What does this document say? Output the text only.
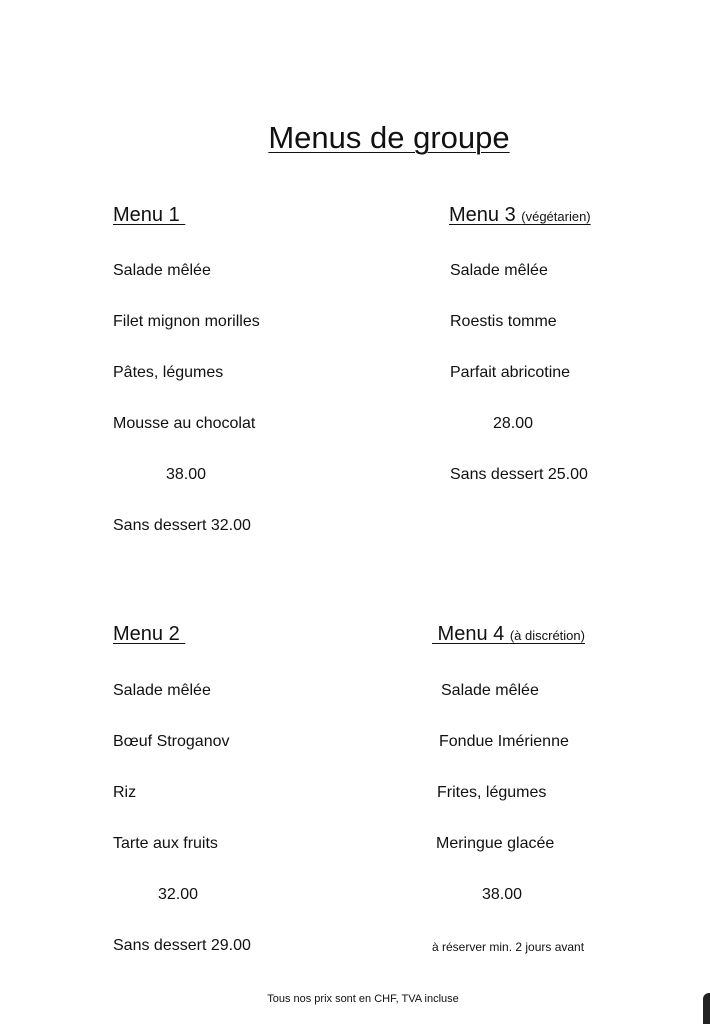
Menus de groupe
Menu 1
Salade mêlée
Filet mignon morilles
Pâtes, légumes
Mousse au chocolat
38.00
Sans dessert 32.00
Menu 3 (végétarien)
Salade mêlée
Roestis tomme
Parfait abricotine
28.00
Sans dessert 25.00
Menu 2
Salade mêlée
Bœuf Stroganov
Riz
Tarte aux fruits
32.00
Sans dessert 29.00
Menu 4 (à discrétion)
Salade mêlée
Fondue Imérienne
Frites, légumes
Meringue glacée
38.00
à réserver min. 2 jours avant
Tous nos prix sont en CHF, TVA incluse
